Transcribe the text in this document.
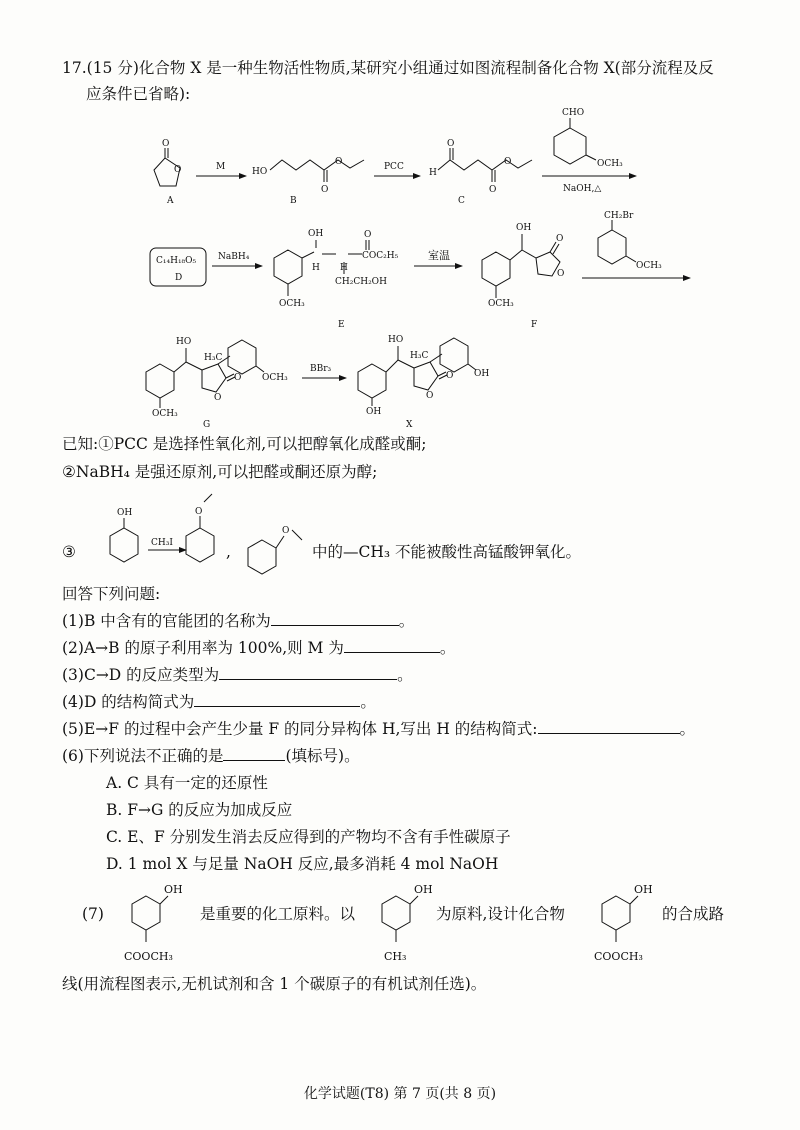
17.(15 分)化合物 X 是一种生物活性物质,某研究小组通过如图流程制备化合物 X(部分流程及反
应条件已省略):
O
O
A
M	HO
O
O
B
PCC
H
O
O
O
C
CHO
OCH₃
NaOH,△
C₁₄H₁₈O₅
D
NaBH₄
OCH₃
OH
H H
O
COC₂H₅
CH₂CH₂OH
E
室温
OCH₃
OH
O
O
F
CH₂Br
OCH₃
OCH₃
HO
H₃C
O
O
OCH₃
G
BBr₃
OH
HO
H₃C
O
O
OH
X
OH
CH₃I
O
O
OH
COOCH₃
OH
CH₃
OH
COOCH₃
已知:①PCC 是选择性氧化剂,可以把醇氧化成醛或酮;
②NaBH₄ 是强还原剂,可以把醛或酮还原为醇;
③	,	中的—CH₃ 不能被酸性高锰酸钾氧化。
回答下列问题:
(1)B 中含有的官能团的名称为	。
(2)A→B 的原子利用率为 100%,则 M 为	。
(3)C→D 的反应类型为	。
(4)D 的结构简式为	。
(5)E→F 的过程中会产生少量 F 的同分异构体 H,写出 H 的结构简式:	。
(6)下列说法不正确的是	(填标号)。
A. C 具有一定的还原性
B. F→G 的反应为加成反应
C. E、F 分别发生消去反应得到的产物均不含有手性碳原子
D. 1 mol X 与足量 NaOH 反应,最多消耗 4 mol NaOH
(7)	是重要的化工原料。以	为原料,设计化合物	的合成路
线(用流程图表示,无机试剂和含 1 个碳原子的有机试剂任选)。
化学试题(T8) 第 7 页(共 8 页)
